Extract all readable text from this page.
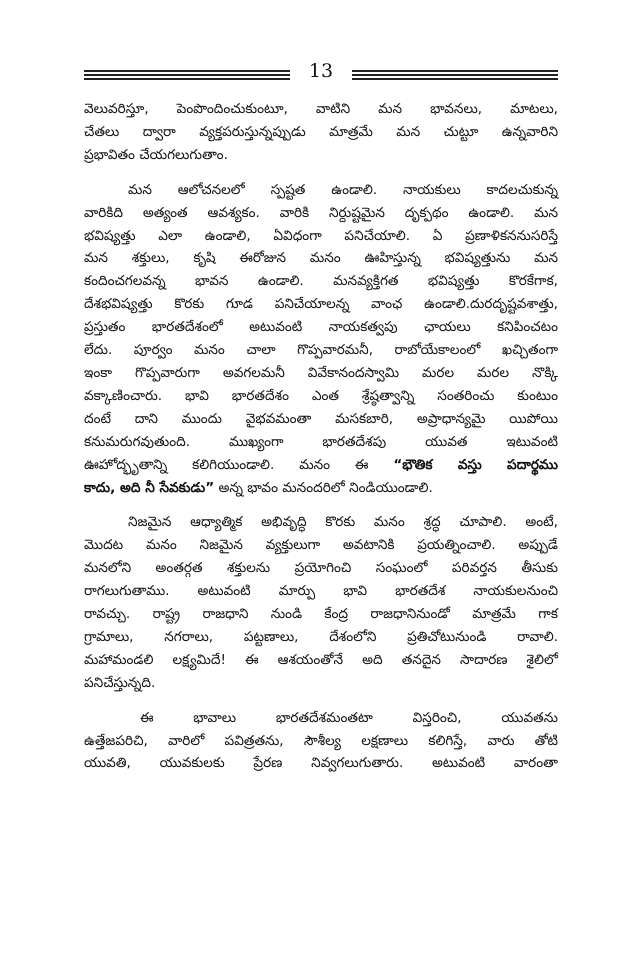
13

వెలువరిస్తూ, పెంపొందించుకుంటూ, వాటిని మన భావనలు, మాటలు,
చేతలు ద్వారా వ్యక్తపరుస్తున్నప్పుడు మాత్రమే మన చుట్టూ ఉన్నవారిని
ప్రభావితం చేయగలుగుతాం.

మన ఆలోచనలలో స్పష్టత ఉండాలి. నాయకులు కాదలచుకున్న
వారికిది అత్యంత ఆవశ్యకం. వారికి నిర్దుష్టమైన దృక్పథం ఉండాలి. మన
భవిష్యత్తు ఎలా ఉండాలి, ఏవిధంగా పనిచేయాలి. ఏ ప్రణాళికననుసరిస్తే
మన శక్తులు, కృషి ఈరోజున మనం ఊహిస్తున్న భవిష్యత్తును మన
కందించగలవన్న భావన ఉండాలి. మనవ్యక్తిగత భవిష్యత్తు కొరకేగాక,
దేశభవిష్యత్తు కొరకు గూడ పనిచేయాలన్న వాంఛ ఉండాలి.దురదృష్టవశాత్తు,
ప్రస్తుతం భారతదేశంలో అటువంటి నాయకత్వపు ఛాయలు కనిపించటం
లేదు. పూర్వం మనం చాలా గొప్పవారమనీ, రాబోయేకాలంలో ఖచ్చితంగా
ఇంకా గొప్పవారుగా అవగలమనీ వివేకానందస్వామి మరల మరల నొక్కి
వక్కాణించారు. భావి భారతదేశం ఎంత శ్రేష్ఠత్వాన్ని సంతరించు కుంటుం
దంటే దాని ముందు వైభవమంతా మసకబారి, అప్రాధాన్యమై యిపోయి
కనుమరుగవుతుంది. ముఖ్యంగా భారతదేశపు యువత ఇటువంటి
ఊహోద్భృతాన్ని కలిగియుండాలి. మనం ఈ “భౌతిక వస్తు పదార్థము
కాదు, అది నీ సేవకుడు” అన్న భావం మనందరిలో నిండియుండాలి.

నిజమైన ఆధ్యాత్మిక అభివృద్ధి కొరకు మనం శ్రద్ధ చూపాలి. అంటే,
మొదట మనం నిజమైన వ్యక్తులుగా అవటానికి ప్రయత్నించాలి. అప్పుడే
మనలోని అంతర్గత శక్తులను ప్రయోగించి సంఘంలో పరివర్తన తీసుకు
రాగలుగుతాము. అటువంటి మార్పు భావి భారతదేశ నాయకులనుంచి
రావచ్చు. రాష్ట్ర రాజధాని నుండి కేంద్ర రాజధానినుండో మాత్రమే గాక
గ్రామాలు, నగరాలు, పట్టణాలు, దేశంలోని ప్రతిచోటునుండి రావాలి.
మహామండలి లక్ష్యమిదే! ఈ ఆశయంతోనే అది తనదైన సాదారణ శైలిలో
పనిచేస్తున్నది.

ఈ భావాలు భారతదేశమంతటా విస్తరించి, యువతను
ఉత్తేజపరిచి, వారిలో పవిత్రతను, సౌశీల్య లక్షణాలు కలిగిస్తే, వారు తోటి
యువతి, యువకులకు ప్రేరణ నివ్వగలుగుతారు. అటువంటి వారంతా
